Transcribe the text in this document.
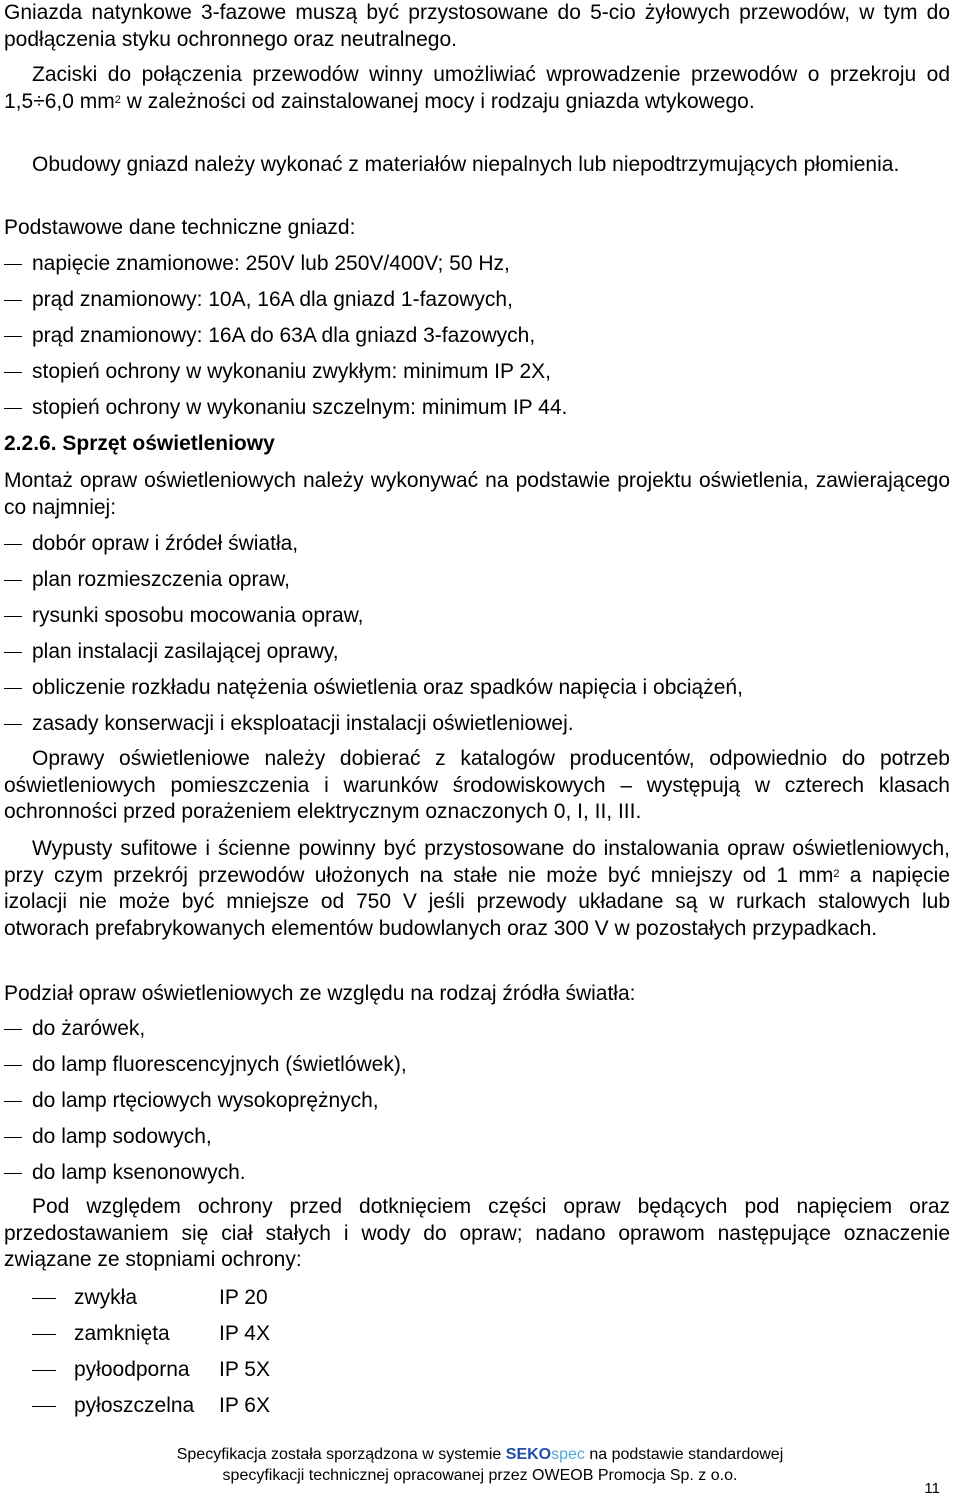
Gniazda natynkowe 3-fazowe muszą być przystosowane do 5-cio żyłowych przewodów, w tym do podłączenia styku ochronnego oraz neutralnego.

Zaciski do połączenia przewodów winny umożliwiać wprowadzenie przewodów o przekroju od 1,5÷6,0 $mm^2$ w zależności od zainstalowanej mocy i rodzaju gniazda wtykowego.

Obudowy gniazd należy wykonać z materiałów niepalnych lub niepodtrzymujących płomienia.

Podstawowe dane techniczne gniazd:

napięcie znamionowe: 250V lub 250V/400V; 50 Hz,
prąd znamionowy: 10A, 16A dla gniazd 1-fazowych,
prąd znamionowy: 16A do 63A dla gniazd 3-fazowych,
stopień ochrony w wykonaniu zwykłym: minimum IP 2X,
stopień ochrony w wykonaniu szczelnym: minimum IP 44.
2.2.6. Sprzęt oświetleniowy

Montaż opraw oświetleniowych należy wykonywać na podstawie projektu oświetlenia, zawierającego co najmniej:

dobór opraw i źródeł światła,
plan rozmieszczenia opraw,
rysunki sposobu mocowania opraw,
plan instalacji zasilającej oprawy,
obliczenie rozkładu natężenia oświetlenia oraz spadków napięcia i obciążeń,
zasady konserwacji i eksploatacji instalacji oświetleniowej.

Oprawy oświetleniowe należy dobierać z katalogów producentów, odpowiednio do potrzeb oświetleniowych pomieszczenia i warunków środowiskowych – występują w czterech klasach ochronności przed porażeniem elektrycznym oznaczonych 0, I, II, III.

Wypusty sufitowe i ścienne powinny być przystosowane do instalowania opraw oświetleniowych, przy czym przekrój przewodów ułożonych na stałe nie może być mniejszy od 1 $mm^2$ a napięcie izolacji nie może być mniejsze od 750 V jeśli przewody układane są w rurkach stalowych lub otworach prefabrykowanych elementów budowlanych oraz 300 V w pozostałych przypadkach.

Podział opraw oświetleniowych ze względu na rodzaj źródła światła:

do żarówek,
do lamp fluorescencyjnych (świetlówek),
do lamp rtęciowych wysokoprężnych,
do lamp sodowych,
do lamp ksenonowych.

Pod względem ochrony przed dotknięciem części opraw będących pod napięciem oraz przedostawaniem się ciał stałych i wody do opraw; nadano oprawom następujące oznaczenie związane ze stopniami ochrony:

zwykła	IP 20
zamknięta IP 4X
pyłoodporna IP 5X
pyłoszczelna IP 6X
Specyfikacja została sporządzona w systemie SEKOspec na podstawie standardowej
specyfikacji technicznej opracowanej przez OWEOB Promocja Sp. z o.o.
11
